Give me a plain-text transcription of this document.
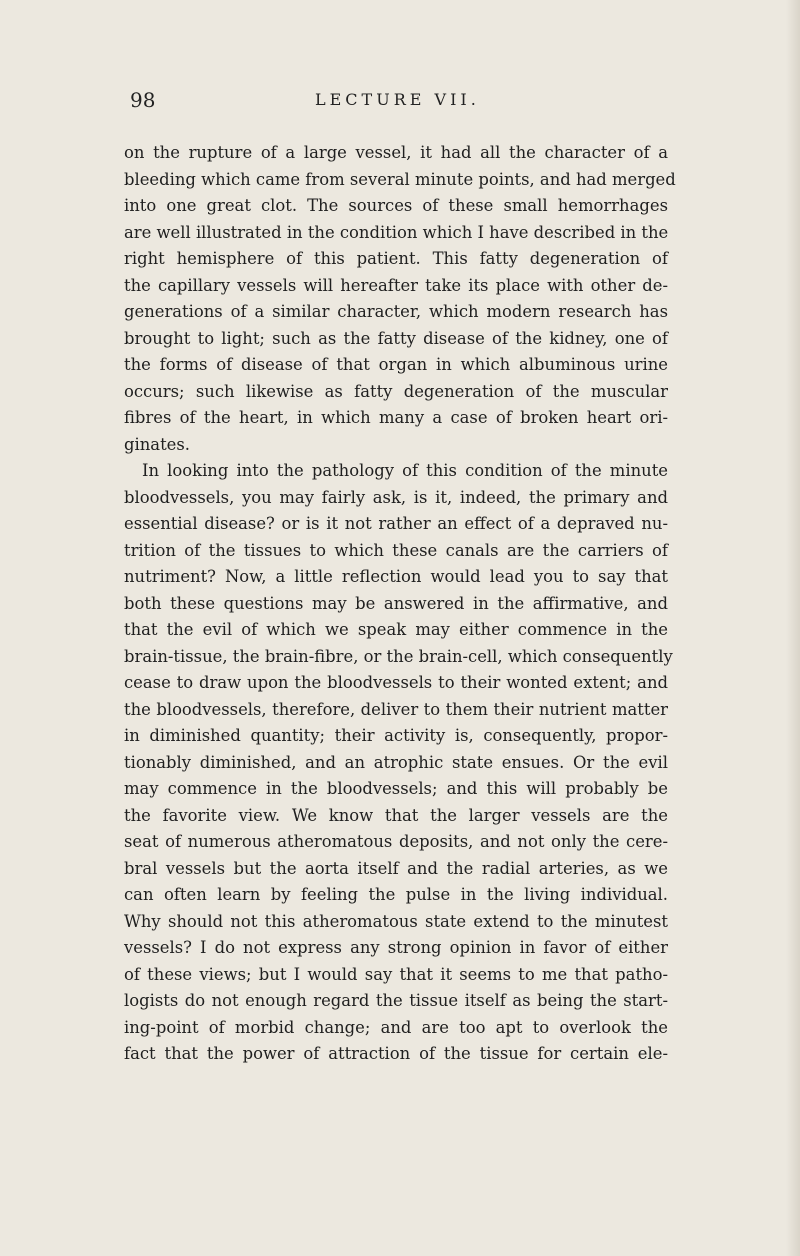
98	LECTURE VII.
on the rupture of a large vessel, it had all the character of a
bleeding which came from several minute points, and had merged
into one great clot. The sources of these small hemorrhages
are well illustrated in the condition which I have described in the
right hemisphere of this patient. This fatty degeneration of
the capillary vessels will hereafter take its place with other de-
generations of a similar character, which modern research has
brought to light; such as the fatty disease of the kidney, one of
the forms of disease of that organ in which albuminous urine
occurs; such likewise as fatty degeneration of the muscular
fibres of the heart, in which many a case of broken heart ori-
ginates.
In looking into the pathology of this condition of the minute
bloodvessels, you may fairly ask, is it, indeed, the primary and
essential disease? or is it not rather an effect of a depraved nu-
trition of the tissues to which these canals are the carriers of
nutriment? Now, a little reflection would lead you to say that
both these questions may be answered in the affirmative, and
that the evil of which we speak may either commence in the
brain-tissue, the brain-fibre, or the brain-cell, which consequently
cease to draw upon the bloodvessels to their wonted extent; and
the bloodvessels, therefore, deliver to them their nutrient matter
in diminished quantity; their activity is, consequently, propor-
tionably diminished, and an atrophic state ensues. Or the evil
may commence in the bloodvessels; and this will probably be
the favorite view. We know that the larger vessels are the
seat of numerous atheromatous deposits, and not only the cere-
bral vessels but the aorta itself and the radial arteries, as we
can often learn by feeling the pulse in the living individual.
Why should not this atheromatous state extend to the minutest
vessels? I do not express any strong opinion in favor of either
of these views; but I would say that it seems to me that patho-
logists do not enough regard the tissue itself as being the start-
ing-point of morbid change; and are too apt to overlook the
fact that the power of attraction of the tissue for certain ele-
